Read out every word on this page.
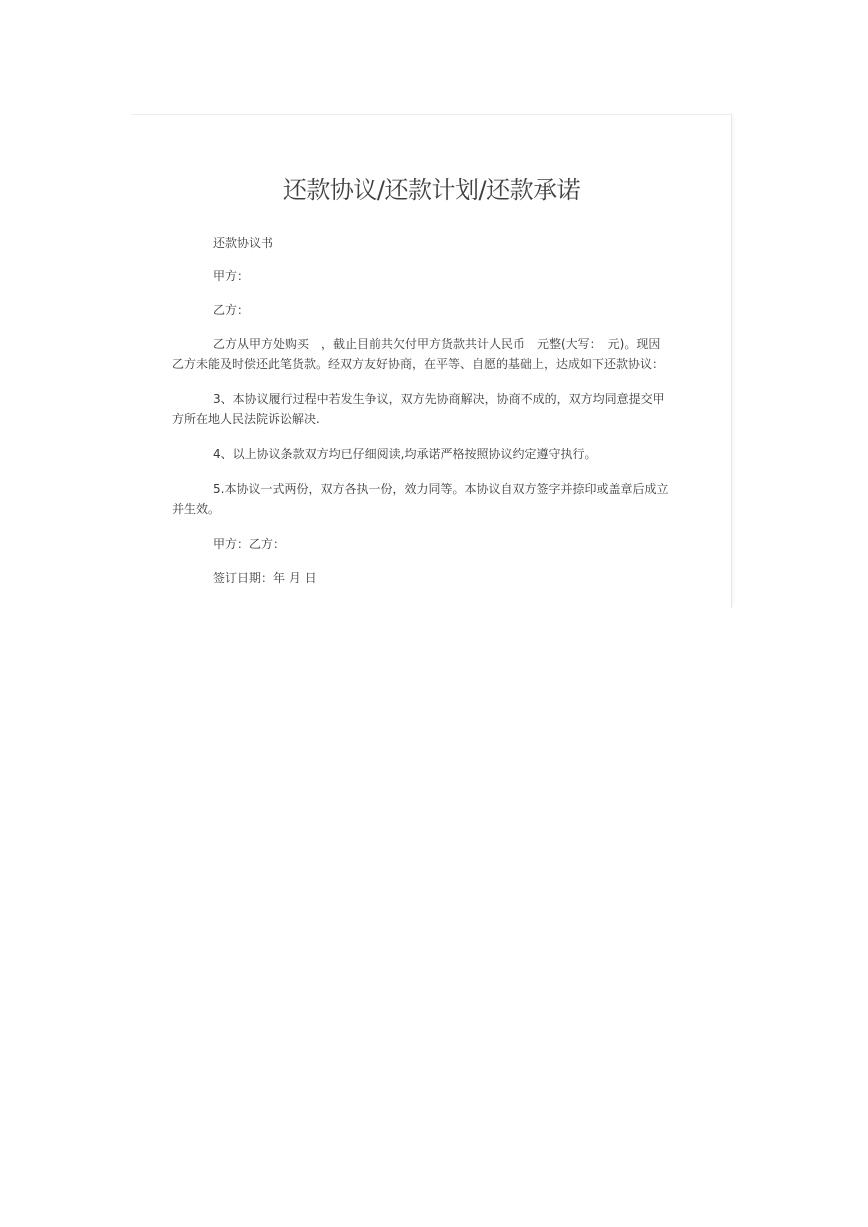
还款协议/还款计划/还款承诺

还款协议书

甲方：

乙方：

乙方从甲方处购买　，截止目前共欠付甲方货款共计人民币　元整(大写：　元)。现因乙方未能及时偿还此笔货款。经双方友好协商，在平等、自愿的基础上，达成如下还款协议：

3、本协议履行过程中若发生争议，双方先协商解决，协商不成的，双方均同意提交甲方所在地人民法院诉讼解决.

4、以上协议条款双方均已仔细阅读,均承诺严格按照协议约定遵守执行。

5.本协议一式两份，双方各执一份，效力同等。本协议自双方签字并捺印或盖章后成立并生效。

甲方：乙方：

签订日期：年 月 日
